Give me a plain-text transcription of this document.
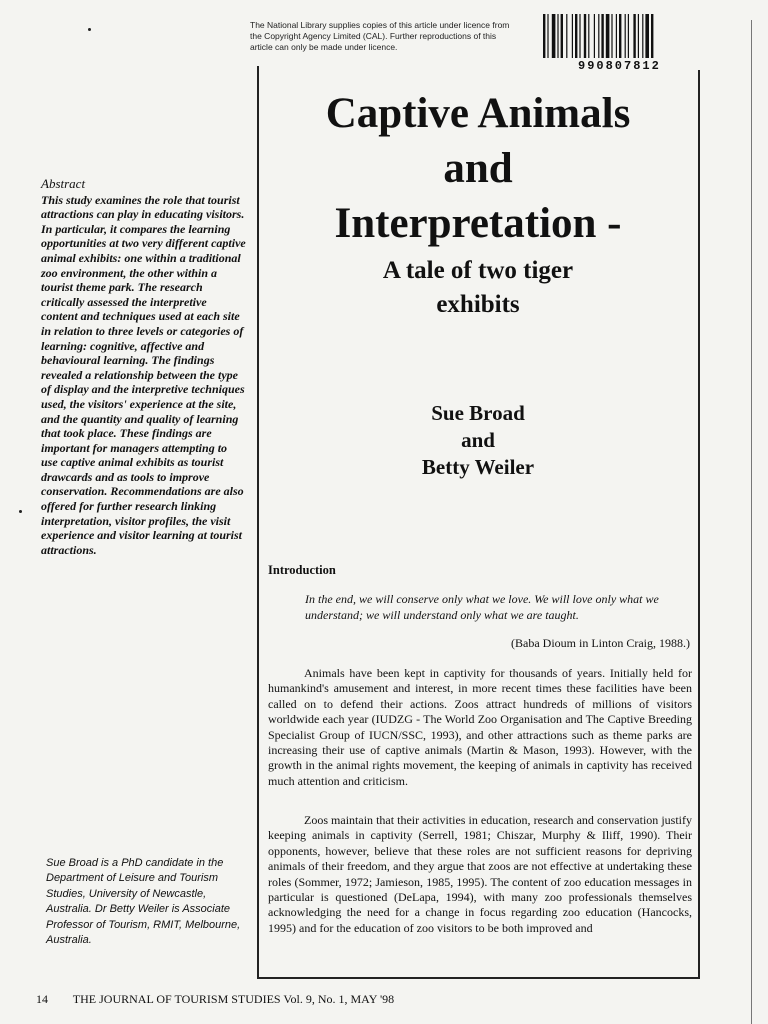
The National Library supplies copies of this article under licence from the Copyright Agency Limited (CAL). Further reproductions of this article can only be made under licence.
990807812
Captive Animals
and
Interpretation -
A tale of two tiger
exhibits
Sue Broad
and
Betty Weiler
Abstract

This study examines the role that tourist attractions can play in educating visitors. In particular, it compares the learning opportunities at two very different captive animal exhibits: one within a traditional zoo environment, the other within a tourist theme park. The research critically assessed the interpretive content and techniques used at each site in relation to three levels or categories of learning: cognitive, affective and behavioural learning. The findings revealed a relationship between the type of display and the interpretive techniques used, the visitors' experience at the site, and the quantity and quality of learning that took place. These findings are important for managers attempting to use captive animal exhibits as tourist drawcards and as tools to improve conservation. Recommendations are also offered for further research linking interpretation, visitor profiles, the visit experience and visitor learning at tourist attractions.

Sue Broad is a PhD candidate in the Department of Leisure and Tourism Studies, University of Newcastle, Australia. Dr Betty Weiler is Associate Professor of Tourism, RMIT, Melbourne, Australia.

Introduction
In the end, we will conserve only what we love. We will love only what we understand; we will understand only what we are taught.
(Baba Dioum in Linton Craig, 1988.)

Animals have been kept in captivity for thousands of years. Initially held for humankind's amusement and interest, in more recent times these facilities have been called on to defend their actions. Zoos attract hundreds of millions of visitors worldwide each year (IUDZG - The World Zoo Organisation and The Captive Breeding Specialist Group of IUCN/SSC, 1993), and other attractions such as theme parks are increasing their use of captive animals (Martin & Mason, 1993). However, with the growth in the animal rights movement, the keeping of animals in captivity has received much attention and criticism.

Zoos maintain that their activities in education, research and conservation justify keeping animals in captivity (Serrell, 1981; Chiszar, Murphy & Iliff, 1990). Their opponents, however, believe that these roles are not sufficient reasons for depriving animals of their freedom, and they argue that zoos are not effective at undertaking these roles (Sommer, 1972; Jamieson, 1985, 1995). The content of zoo education messages in particular is questioned (DeLapa, 1994), with many zoo professionals themselves acknowledging the need for a change in focus regarding zoo education (Hancocks, 1995) and for the education of zoo visitors to be both improved and

14 THE JOURNAL OF TOURISM STUDIES Vol. 9, No. 1, MAY '98
